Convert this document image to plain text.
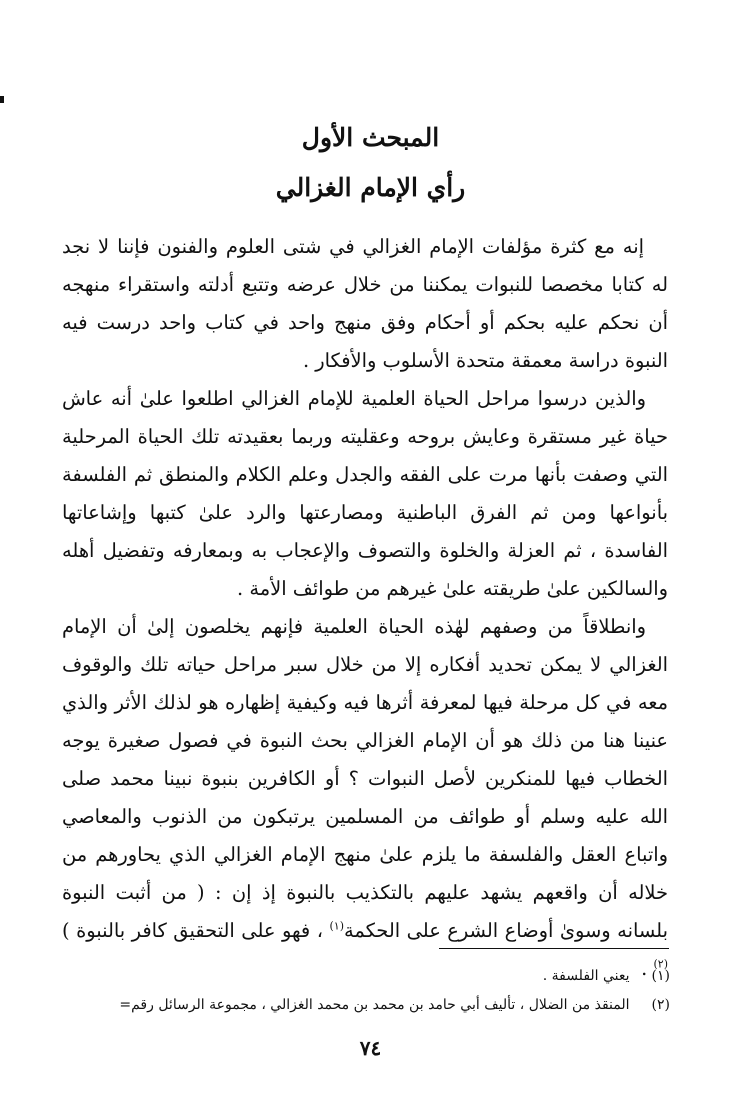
المبحث الأول
رأي الإمام الغزالي

إنه مع كثرة مؤلفات الإمام الغزالي في شتى العلوم والفنون فإننا لا نجد له كتابا مخصصا للنبوات يمكننا من خلال عرضه وتتبع أدلته واستقراء منهجه أن نحكم عليه بحكم أو أحكام وفق منهج واحد في كتاب واحد درست فيه النبوة دراسة معمقة متحدة الأسلوب والأفكار .

والذين درسوا مراحل الحياة العلمية للإمام الغزالي اطلعوا علىٰ أنه عاش حياة غير مستقرة وعايش بروحه وعقليته وربما بعقيدته تلك الحياة المرحلية التي وصفت بأنها مرت على الفقه والجدل وعلم الكلام والمنطق ثم الفلسفة بأنواعها ومن ثم الفرق الباطنية ومصارعتها والرد علىٰ كتبها وإشاعاتها الفاسدة ، ثم العزلة والخلوة والتصوف والإعجاب به وبمعارفه وتفضيل أهله والسالكين علىٰ طريقته علىٰ غيرهم من طوائف الأمة .

وانطلاقاً من وصفهم لهٰذه الحياة العلمية فإنهم يخلصون إلىٰ أن الإمام الغزالي لا يمكن تحديد أفكاره إلا من خلال سبر مراحل حياته تلك والوقوف معه في كل مرحلة فيها لمعرفة أثرها فيه وكيفية إظهاره هو لذلك الأثر والذي عنينا هنا من ذلك هو أن الإمام الغزالي بحث النبوة في فصول صغيرة يوجه الخطاب فيها للمنكرين لأصل النبوات ؟ أو الكافرين بنبوة نبينا محمد صلى الله عليه وسلم أو طوائف من المسلمين يرتبكون من الذنوب والمعاصي واتباع العقل والفلسفة ما يلزم علىٰ منهج الإمام الغزالي الذي يحاورهم من خلاله أن واقعهم يشهد عليهم بالتكذيب بالنبوة إذ إن : ( من أثبت النبوة بلسانه وسوىٰ أوضاع الشرع على الحكمة$^{(١)}$ ، فهو على التحقيق كافر بالنبوة )$^{(٢)}$ .

(١) يعني الفلسفة .
(٢) المنقذ من الضلال ، تأليف أبي حامد بن محمد بن محمد الغزالي ، مجموعة الرسائل رقم=
٧٤
